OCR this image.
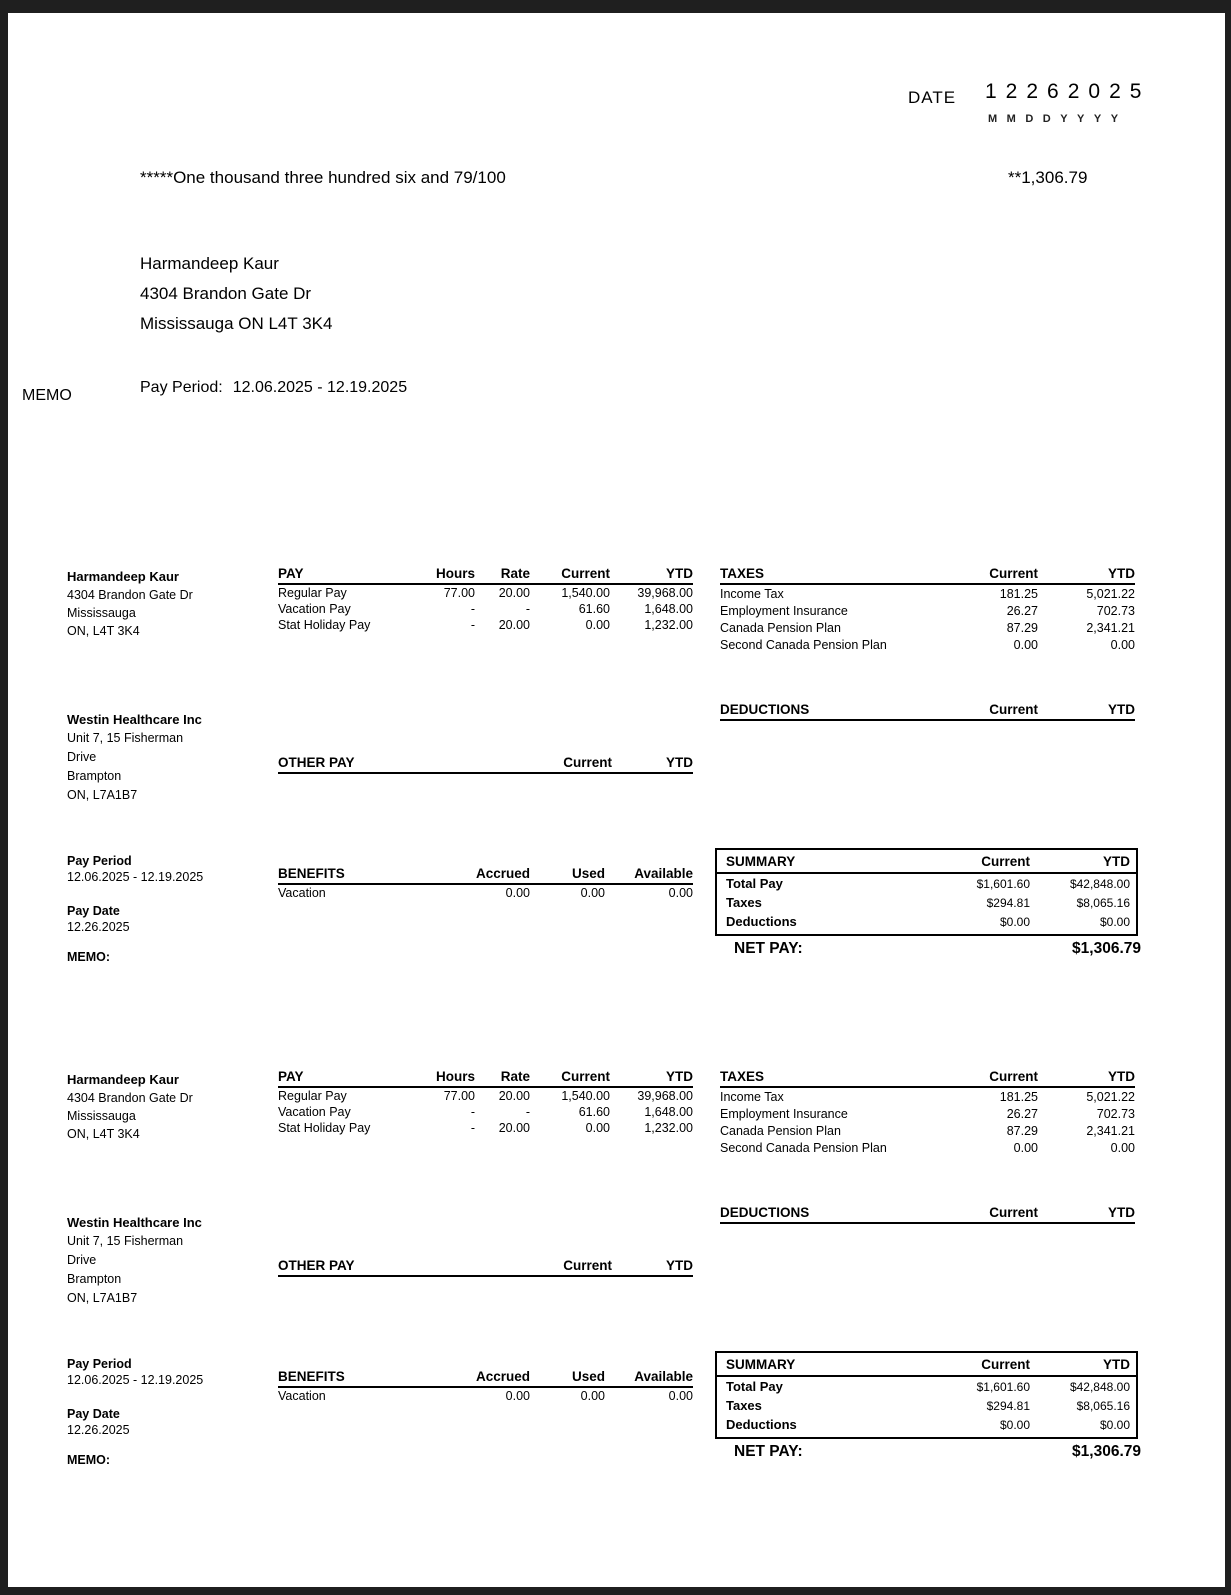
DATE 12262025
MMDDYYYY
*****One thousand three hundred six and 79/100	**1,306.79
Harmandeep Kaur
4304 Brandon Gate Dr
Mississauga ON L4T 3K4
MEMO	Pay Period: 12.06.2025 - 12.19.2025
Harmandeep Kaur
4304 Brandon Gate Dr
Mississauga
ON, L4T 3K4
PAY	Hours	Rate	Current	YTD
Regular Pay	77.00	20.00	1,540.00	39,968.00
Vacation Pay	-	-	61.60	1,648.00
Stat Holiday Pay	-	20.00	0.00	1,232.00
TAXES	Current	YTD
Income Tax	181.25	5,021.22
Employment Insurance	26.27	702.73
Canada Pension Plan	87.29	2,341.21
Second Canada Pension Plan	0.00	0.00
Westin Healthcare Inc
Unit 7, 15 Fisherman
Drive
Brampton
ON, L7A1B7
DEDUCTIONS	Current	YTD
OTHER PAY	Current	YTD
Pay Period
12.06.2025 - 12.19.2025	BENEFITS	Accrued	Used	Available
Vacation	0.00	0.00	0.00
Pay Date
12.26.2025
MEMO:
SUMMARY	Current	YTD
Total Pay	$1,601.60	$42,848.00
Taxes	$294.81	$8,065.16
Deductions	$0.00	$0.00
NET PAY:	$1,306.79
Harmandeep Kaur
4304 Brandon Gate Dr
Mississauga
ON, L4T 3K4
PAY	Hours	Rate	Current	YTD
Regular Pay	77.00	20.00	1,540.00	39,968.00
Vacation Pay	-	-	61.60	1,648.00
Stat Holiday Pay	-	20.00	0.00	1,232.00
TAXES	Current	YTD
Income Tax	181.25	5,021.22
Employment Insurance	26.27	702.73
Canada Pension Plan	87.29	2,341.21
Second Canada Pension Plan	0.00	0.00
Westin Healthcare Inc
Unit 7, 15 Fisherman
Drive
Brampton
ON, L7A1B7
DEDUCTIONS	Current	YTD
OTHER PAY	Current	YTD
Pay Period
12.06.2025 - 12.19.2025	BENEFITS	Accrued	Used	Available
Vacation	0.00	0.00	0.00
Pay Date
12.26.2025
MEMO:
SUMMARY	Current	YTD
Total Pay	$1,601.60	$42,848.00
Taxes	$294.81	$8,065.16
Deductions	$0.00	$0.00
NET PAY:	$1,306.79
